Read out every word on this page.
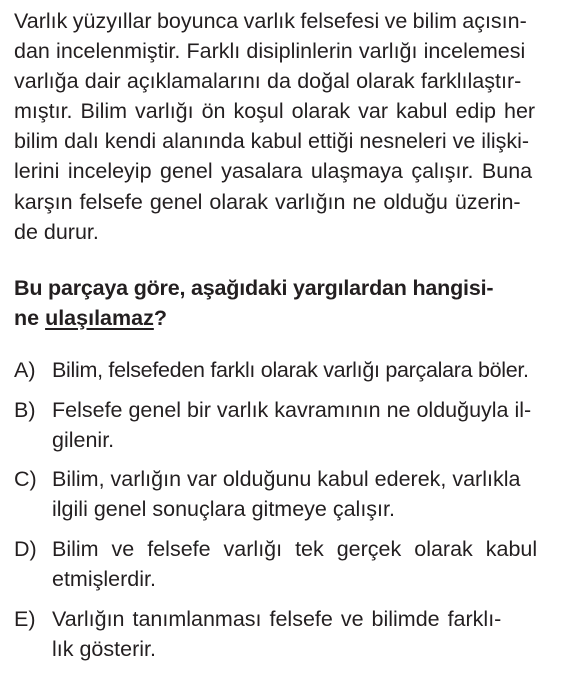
Varlık yüzyıllar boyunca varlık felsefesi ve bilim açısın-
dan incelenmiştir. Farklı disiplinlerin varlığı incelemesi
varlığa dair açıklamalarını da doğal olarak farklılaştır-
mıştır. Bilim varlığı ön koşul olarak var kabul edip her
bilim dalı kendi alanında kabul ettiği nesneleri ve ilişki-
lerini inceleyip genel yasalara ulaşmaya çalışır. Buna
karşın felsefe genel olarak varlığın ne olduğu üzerin-
de durur.
Bu parçaya göre, aşağıdaki yargılardan hangisi-
ne ulaşılamaz?
A) Bilim, felsefeden farklı olarak varlığı parçalara böler.
B) Felsefe genel bir varlık kavramının ne olduğuyla il-
gilenir.
C) Bilim, varlığın var olduğunu kabul ederek, varlıkla
ilgili genel sonuçlara gitmeye çalışır.
D) Bilim ve felsefe varlığı tek gerçek olarak kabul
etmişlerdir.
E) Varlığın tanımlanması felsefe ve bilimde farklı-
lık gösterir.
